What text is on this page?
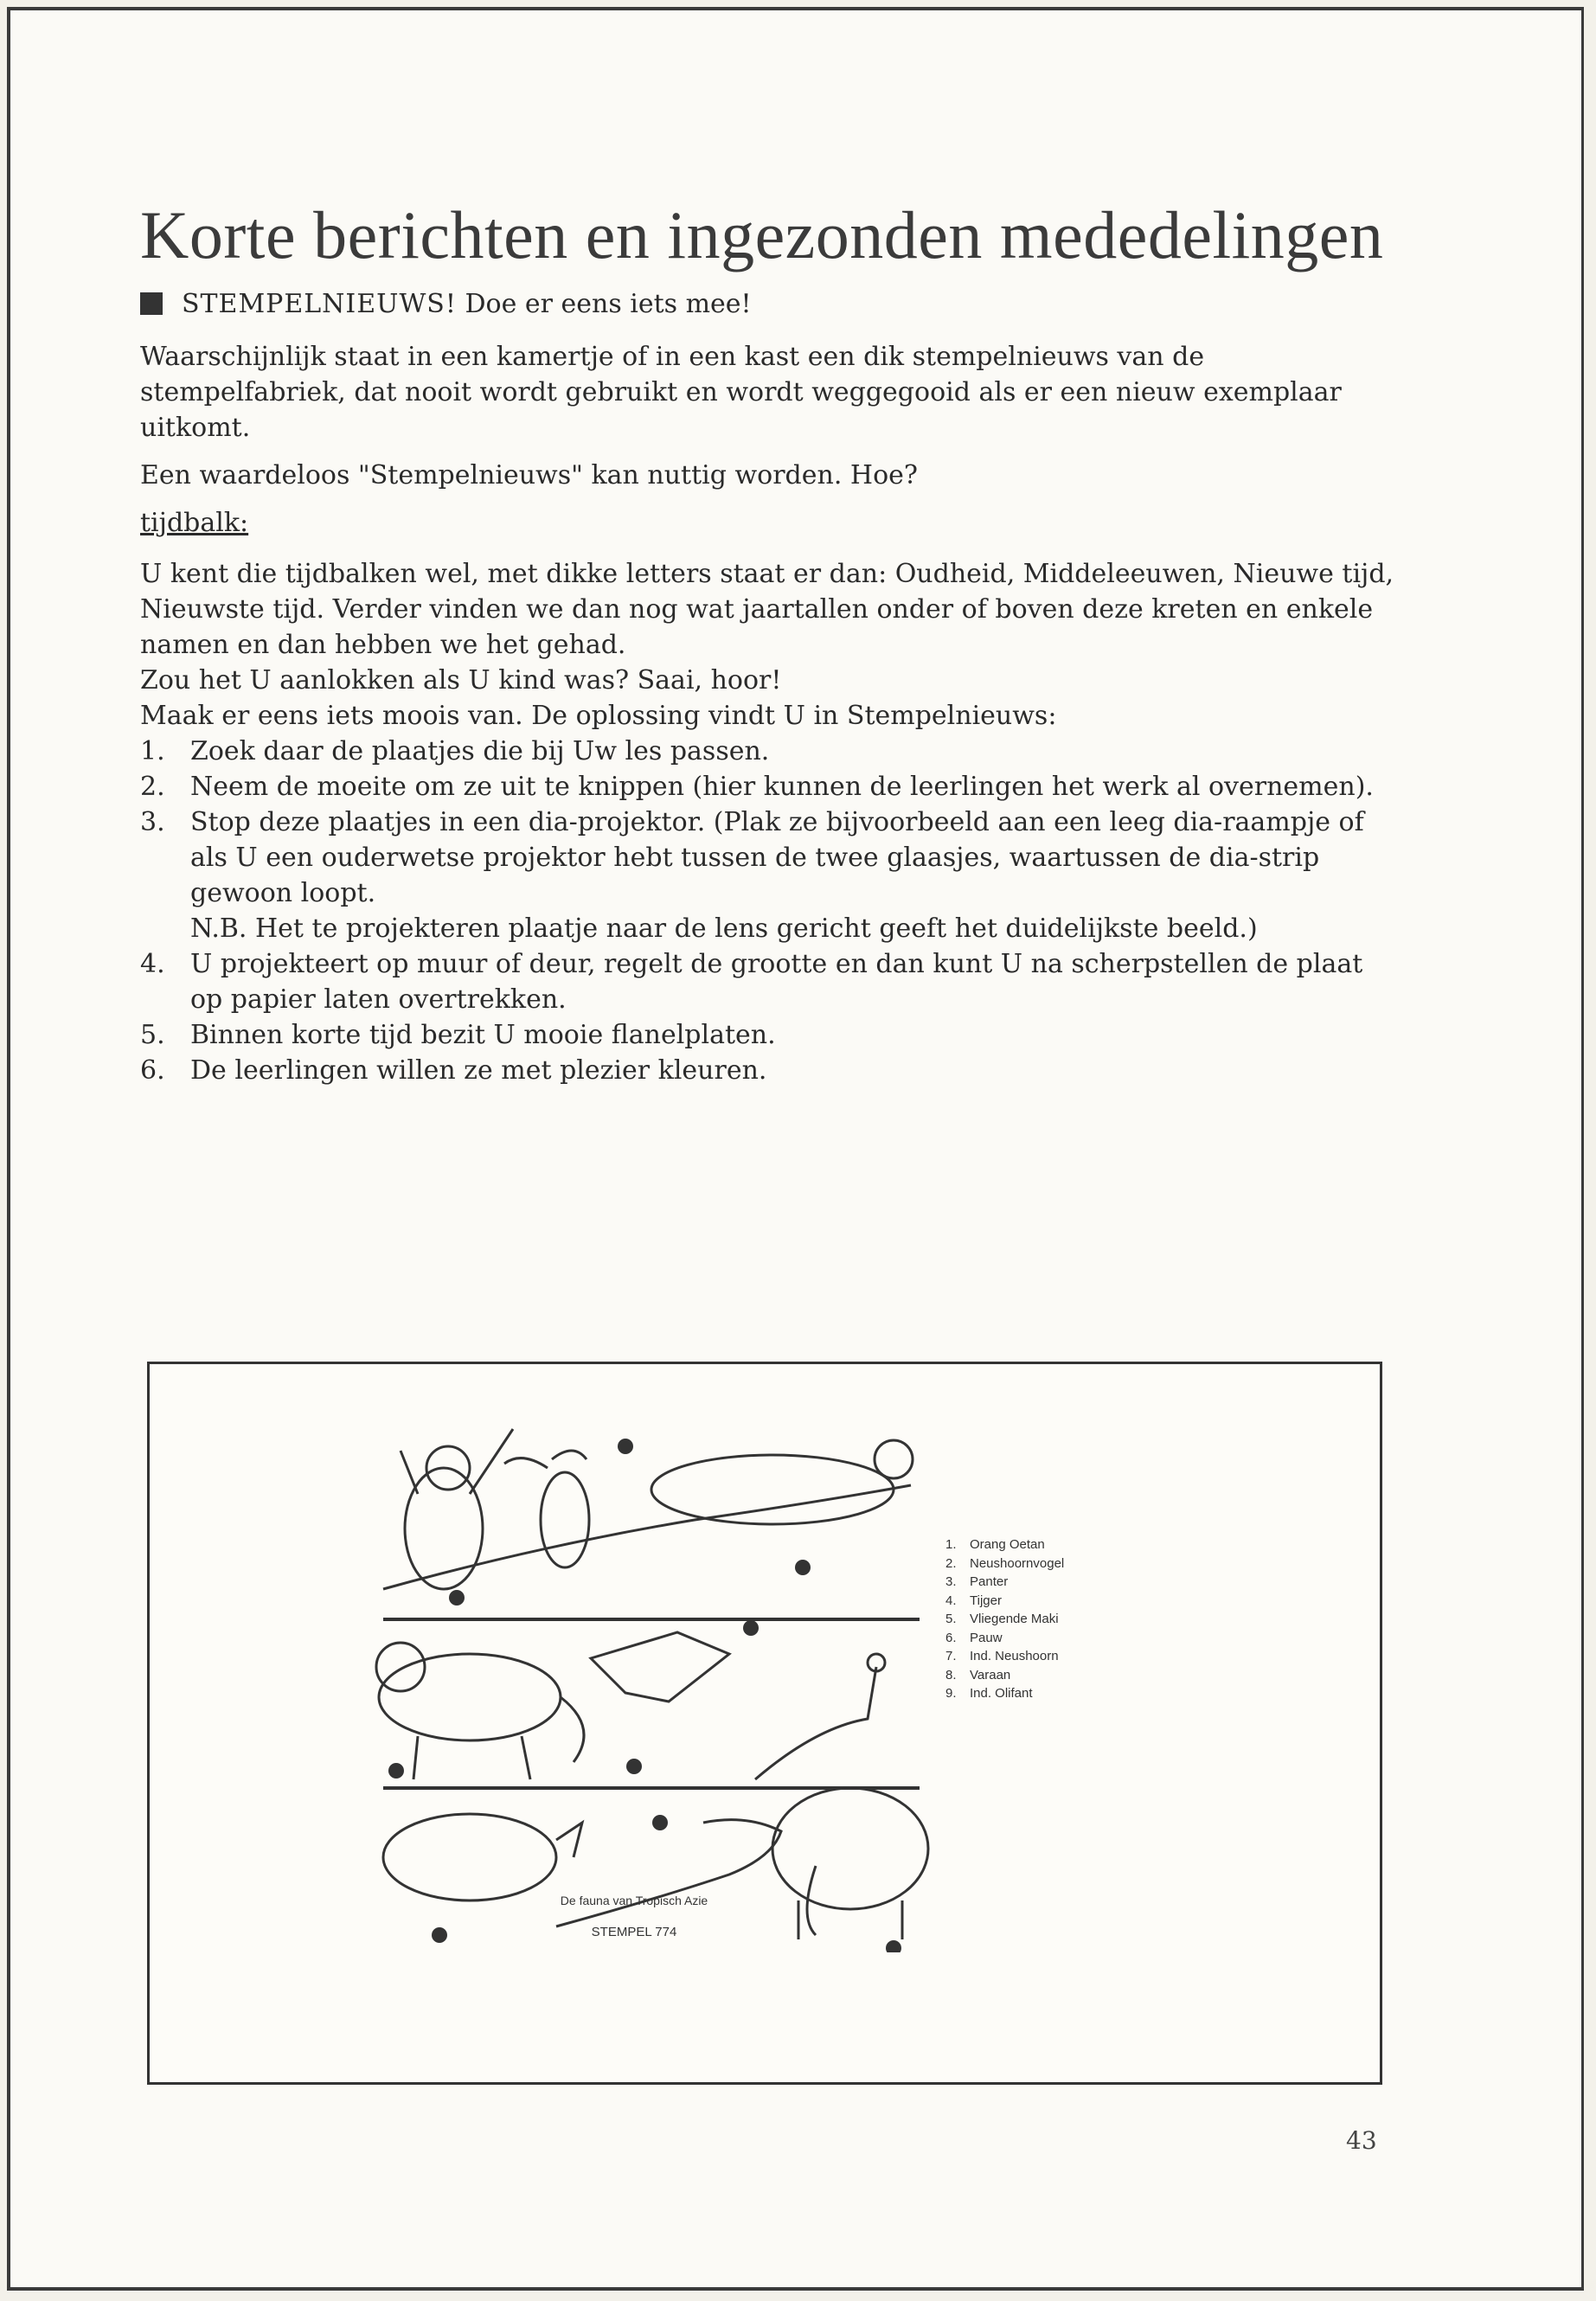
Korte berichten en ingezonden mededelingen
STEMPELNIEUWS! Doe er eens iets mee!

Waarschijnlijk staat in een kamertje of in een kast een dik stempelnieuws van de stempelfabriek, dat nooit wordt gebruikt en wordt weggegooid als er een nieuw exemplaar uitkomt.

Een waardeloos "Stempelnieuws" kan nuttig worden. Hoe?

tijdbalk:

U kent die tijdbalken wel, met dikke letters staat er dan: Oudheid, Middeleeuwen, Nieuwe tijd, Nieuwste tijd. Verder vinden we dan nog wat jaartallen onder of boven deze kreten en enkele namen en dan hebben we het gehad.

Zou het U aanlokken als U kind was? Saai, hoor!

Maak er eens iets moois van. De oplossing vindt U in Stempelnieuws:

1. Zoek daar de plaatjes die bij Uw les passen.
2. Neem de moeite om ze uit te knippen (hier kunnen de leerlingen het werk al overnemen).
3. Stop deze plaatjes in een dia-projektor. (Plak ze bijvoorbeeld aan een leeg dia-raampje of als U een ouderwetse projektor hebt tussen de twee glaasjes, waartussen de dia-strip gewoon loopt.
N.B. Het te projekteren plaatje naar de lens gericht geeft het duidelijkste beeld.)
4. U projekteert op muur of deur, regelt de grootte en dan kunt U na scherpstellen de plaat op papier laten overtrekken.
5. Binnen korte tijd bezit U mooie flanelplaten.
6. De leerlingen willen ze met plezier kleuren.
1. Orang Oetan
2. Neushoornvogel
3. Panter
4. Tijger
5. Vliegende Maki
6. Pauw
7. Ind. Neushoorn
8. Varaan
9. Ind. Olifant
De fauna van Tropisch Azie
STEMPEL 774
43
